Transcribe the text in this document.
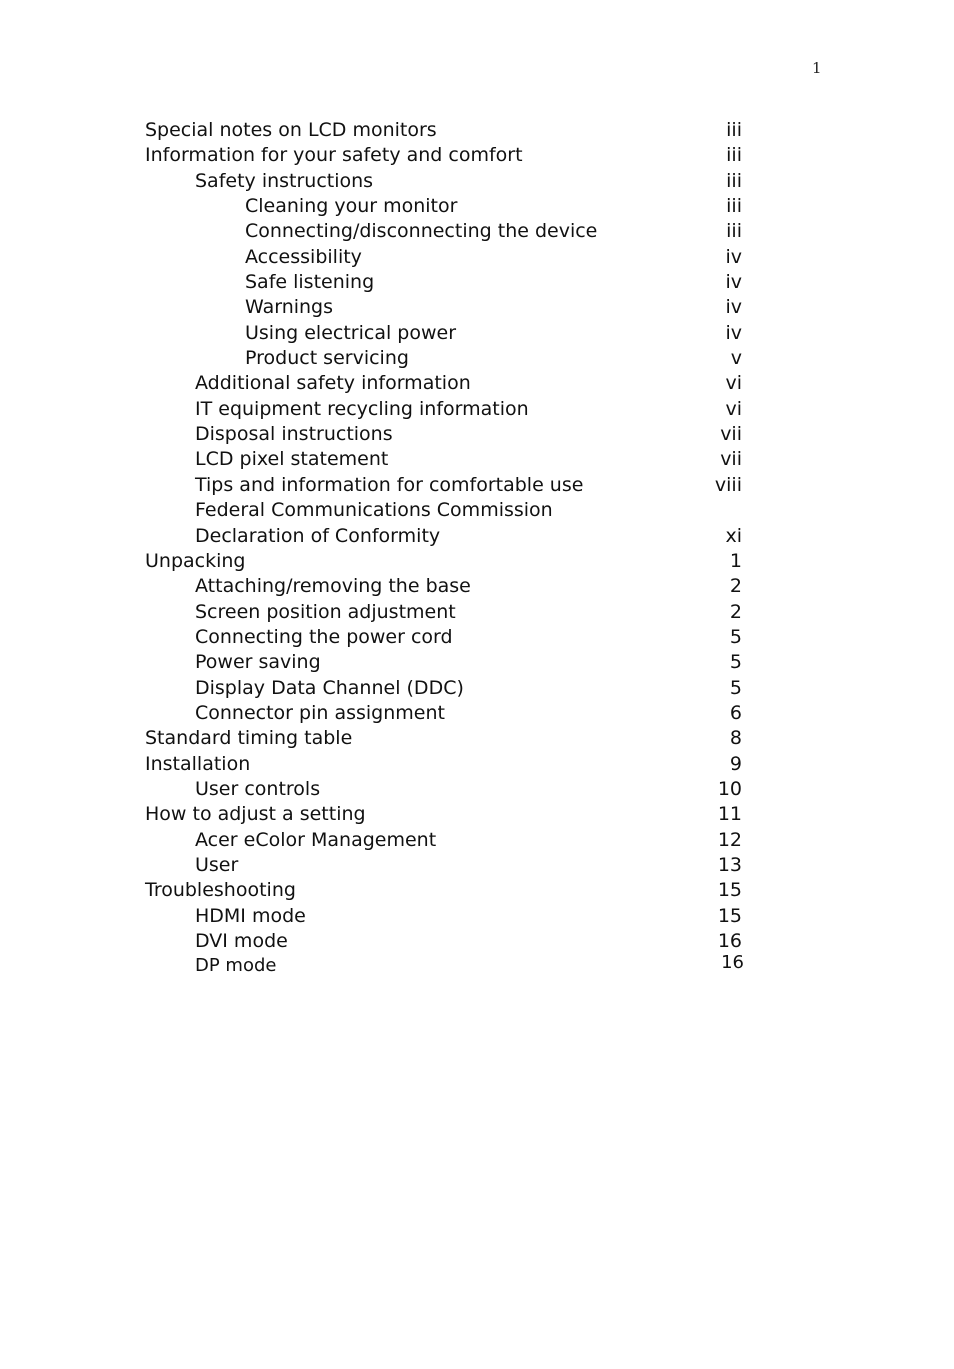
1
Special notes on LCD monitors	iii
Information for your safety and comfort	iii
Safety instructions	iii
Cleaning your monitor	iii
Connecting/disconnecting the device	iii
Accessibility	iv
Safe listening	iv
Warnings	iv
Using electrical power	iv
Product servicing	v
Additional safety information	vi
IT equipment recycling information	vi
Disposal instructions	vii
LCD pixel statement	vii
Tips and information for comfortable use	viii
Federal Communications Commission
Declaration of Conformity	xi
Unpacking	1
Attaching/removing the base	2
Screen position adjustment	2
Connecting the power cord	5
Power saving	5
Display Data Channel (DDC)	5
Connector pin assignment	6
Standard timing table	8
Installation	9
User controls	10
How to adjust a setting	11
Acer eColor Management	12
User	13
Troubleshooting	15
HDMI mode	15
DVI mode	16
DP mode	16
